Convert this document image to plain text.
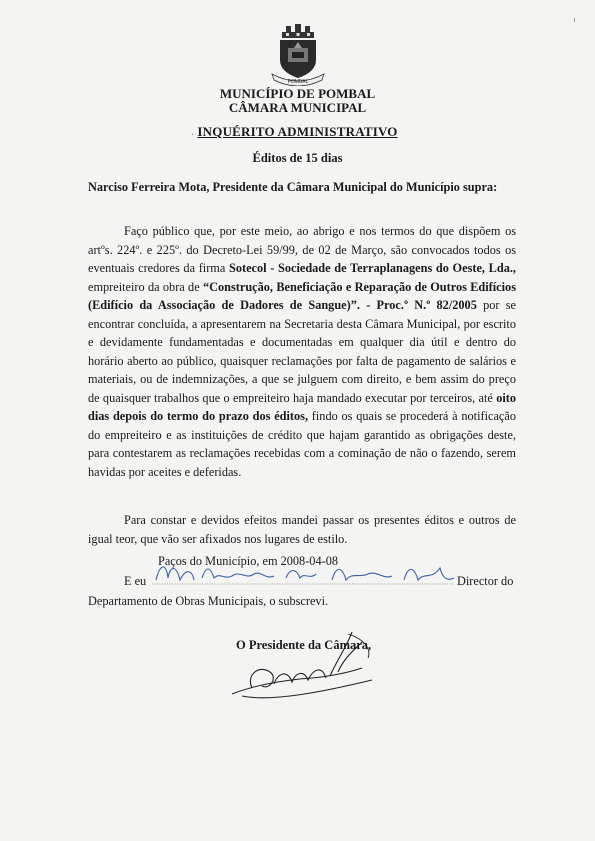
POMBAL
MUNICÍPIO DE POMBAL
CÂMARA MUNICIPAL
· INQUÉRITO ADMINISTRATIVO
Éditos de 15 dias
Narciso Ferreira Mota, Presidente da Câmara Municipal do Município supra:
Faço público que, por este meio, ao abrigo e nos termos do que dispõem os artºs. 224º. e 225º. do Decreto-Lei 59/99, de 02 de Março, são convocados todos os eventuais credores da firma Sotecol - Sociedade de Terraplanagens do Oeste, Lda., empreiteiro da obra de “Construção, Beneficiação e Reparação de Outros Edifícios (Edifício da Associação de Dadores de Sangue)”. - Proc.º N.º 82/2005 por se encontrar concluída, a apresentarem na Secretaria desta Câmara Municipal, por escrito e devidamente fundamentadas e documentadas em qualquer dia útil e dentro do horário aberto ao público, quaisquer reclamações por falta de pagamento de salários e materiais, ou de indemnizações, a que se julguem com direito, e bem assim do preço de quaisquer trabalhos que o empreiteiro haja mandado executar por terceiros, até oito dias depois do termo do prazo dos éditos, findo os quais se procederá à notificação do empreiteiro e as instituições de crédito que hajam garantido as obrigações deste, para contestarem as reclamações recebidas com a cominação de não o fazendo, serem havidas por aceites e deferidas.
Para constar e devidos efeitos mandei passar os presentes éditos e outros de igual teor, que vão ser afixados nos lugares de estilo.
Paços do Município, em 2008-04-08
E eu	Director do
Departamento de Obras Municipais, o subscrevi.
O Presidente da Câmara,
